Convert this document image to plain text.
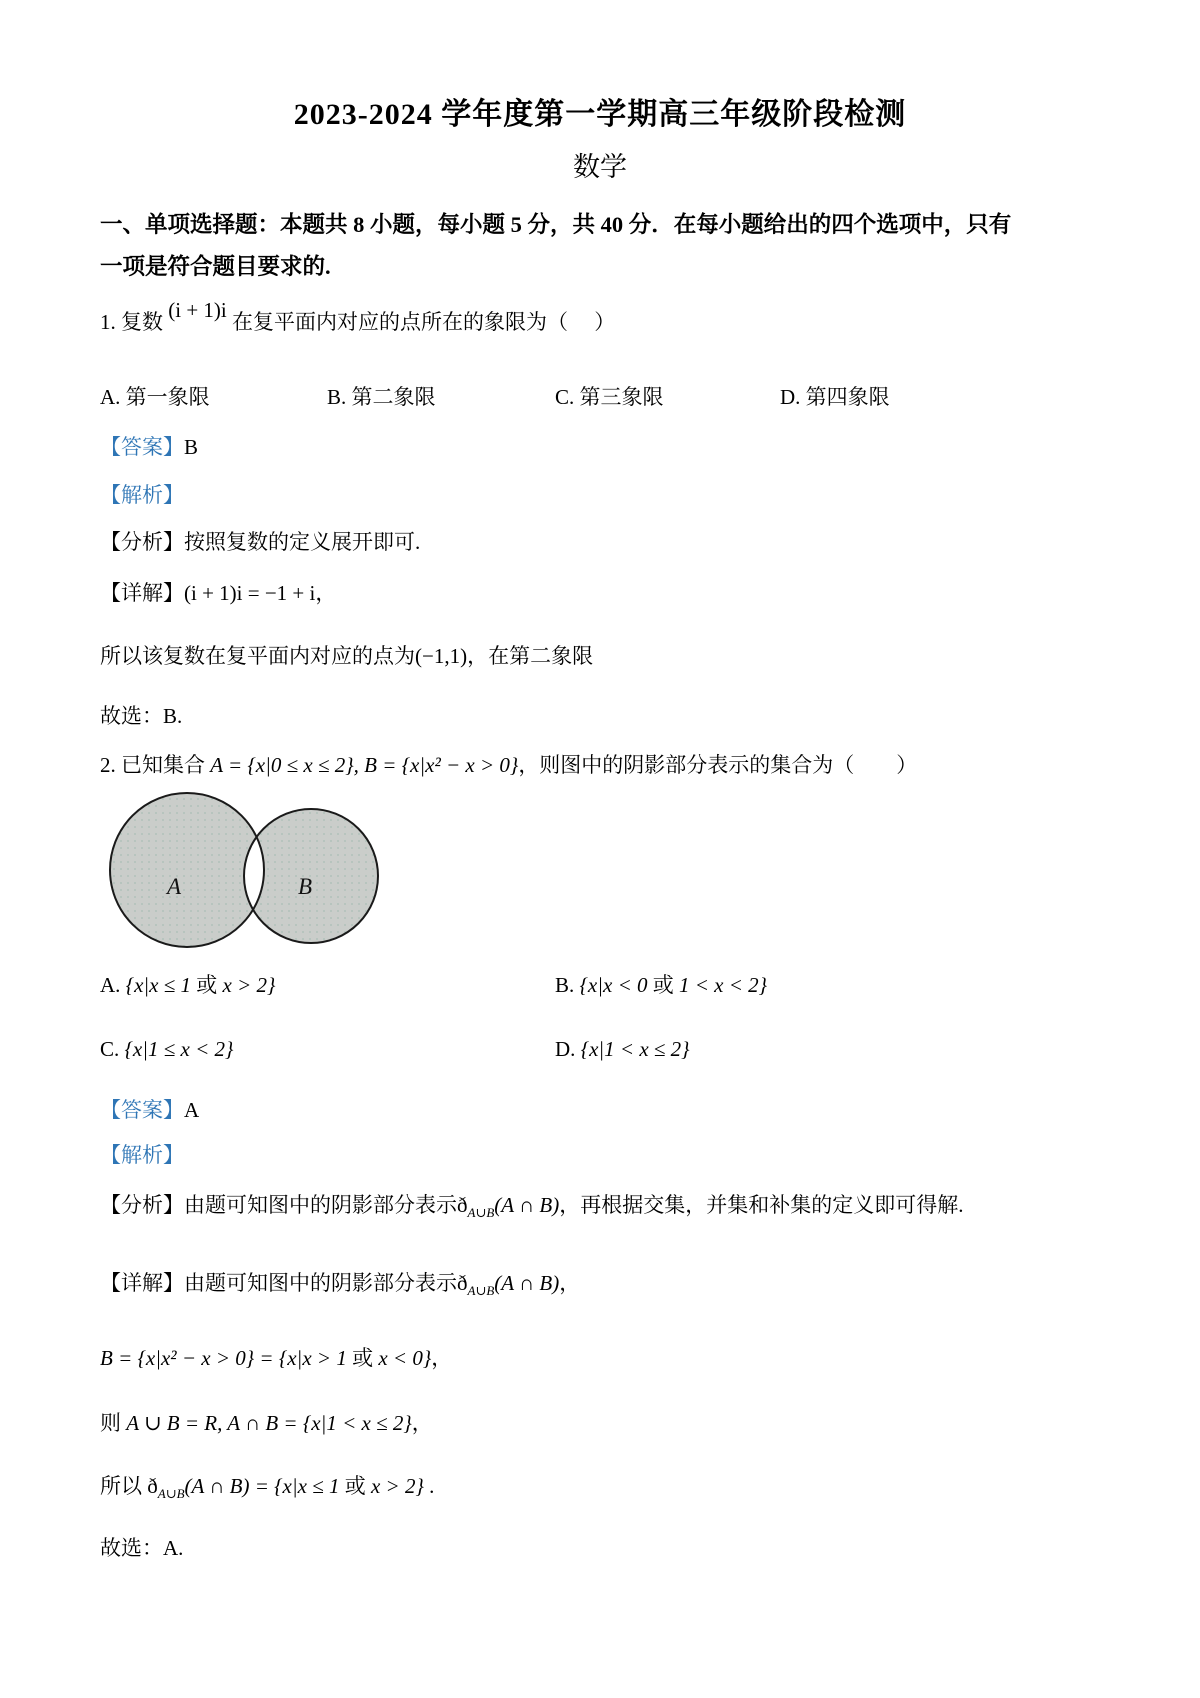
2023-2024 学年度第一学期高三年级阶段检测
数学
一、单项选择题：本题共 8 小题，每小题 5 分，共 40 分．在每小题给出的四个选项中，只有
一项是符合题目要求的.
1. 复数 (i + 1)i 在复平面内对应的点所在的象限为（　 ）
A. 第一象限	B. 第二象限	C. 第三象限	D. 第四象限
【答案】B
【解析】
【分析】按照复数的定义展开即可.
【详解】(i + 1)i = −1 + i，
所以该复数在复平面内对应的点为(−1,1)，在第二象限
故选：B.
2. 已知集合 A = {x|0 ≤ x ≤ 2}, B = {x|x² − x > 0}，则图中的阴影部分表示的集合为（　　）
A	B
A. {x|x ≤ 1 或 x > 2}	B. {x|x < 0 或 1 < x < 2}
C. {x|1 ≤ x < 2}	D. {x|1 < x ≤ 2}
【答案】A
【解析】
【分析】由题可知图中的阴影部分表示$ð_{A\cup B}(A$ ∩ B)，再根据交集，并集和补集的定义即可得解.
【详解】由题可知图中的阴影部分表示$ð_{A\cup B}(A$ ∩ B)，
B = {x|x² − x > 0} = {x|x > 1 或 x < 0}，
则 A ∪ B = R, A ∩ B = {x|1 < x ≤ 2}，
所以 $ð_{A\cup B}(A$ ∩ B) = {x|x ≤ 1 或 x > 2} .
故选：A.
